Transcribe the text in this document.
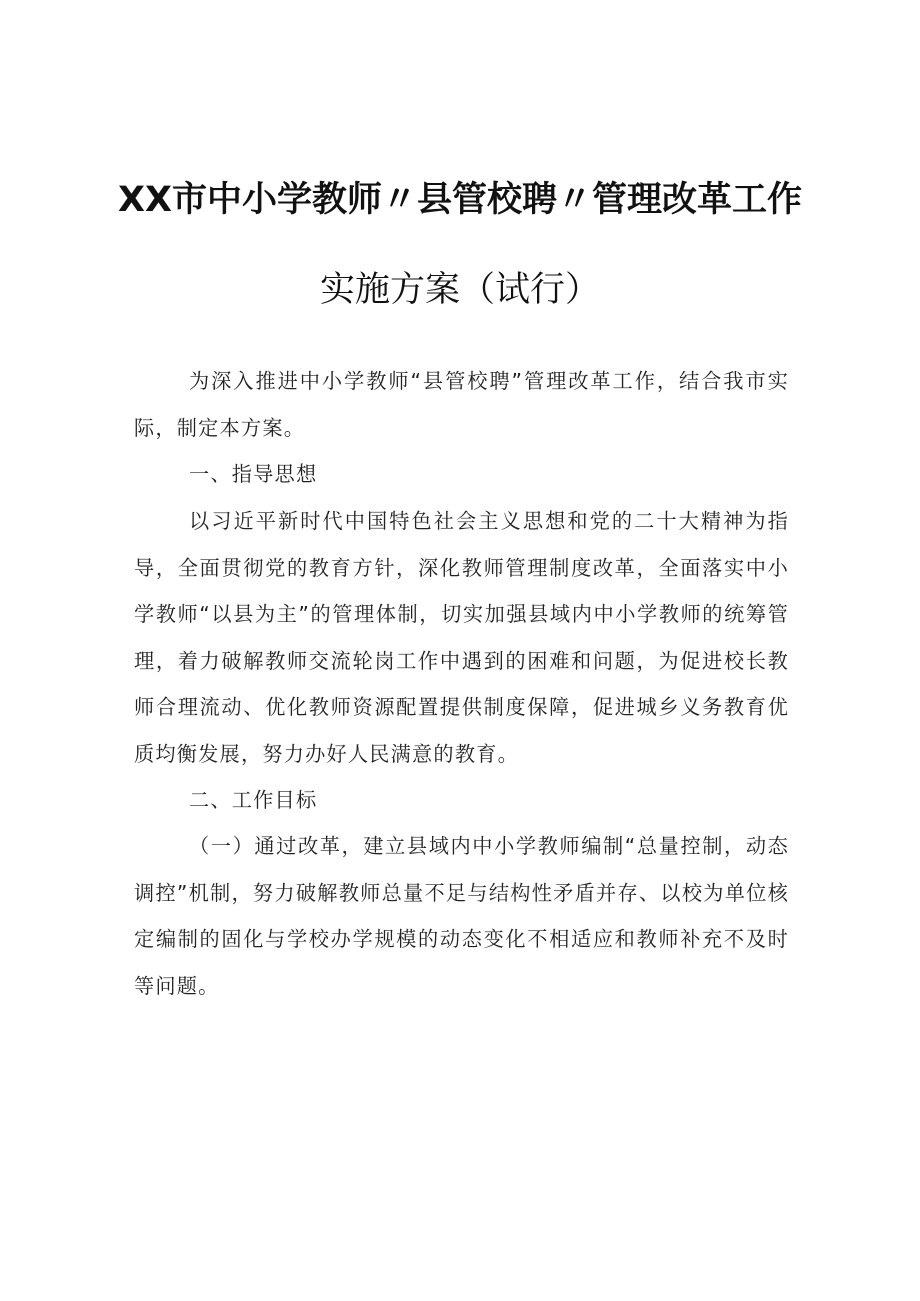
XX市中小学教师〃县管校聘〃管理改革工作
实施方案（试行）
为深入推进中小学教师“县管校聘”管理改革工作，结合我市实际，制定本方案。
一、指导思想
以习近平新时代中国特色社会主义思想和党的二十大精神为指导，全面贯彻党的教育方针，深化教师管理制度改革，全面落实中小学教师“以县为主”的管理体制，切实加强县域内中小学教师的统筹管理，着力破解教师交流轮岗工作中遇到的困难和问题，为促进校长教师合理流动、优化教师资源配置提供制度保障，促进城乡义务教育优质均衡发展，努力办好人民满意的教育。
二、工作目标
（一）通过改革，建立县域内中小学教师编制“总量控制，动态调控”机制，努力破解教师总量不足与结构性矛盾并存、以校为单位核定编制的固化与学校办学规模的动态变化不相适应和教师补充不及时等问题。
